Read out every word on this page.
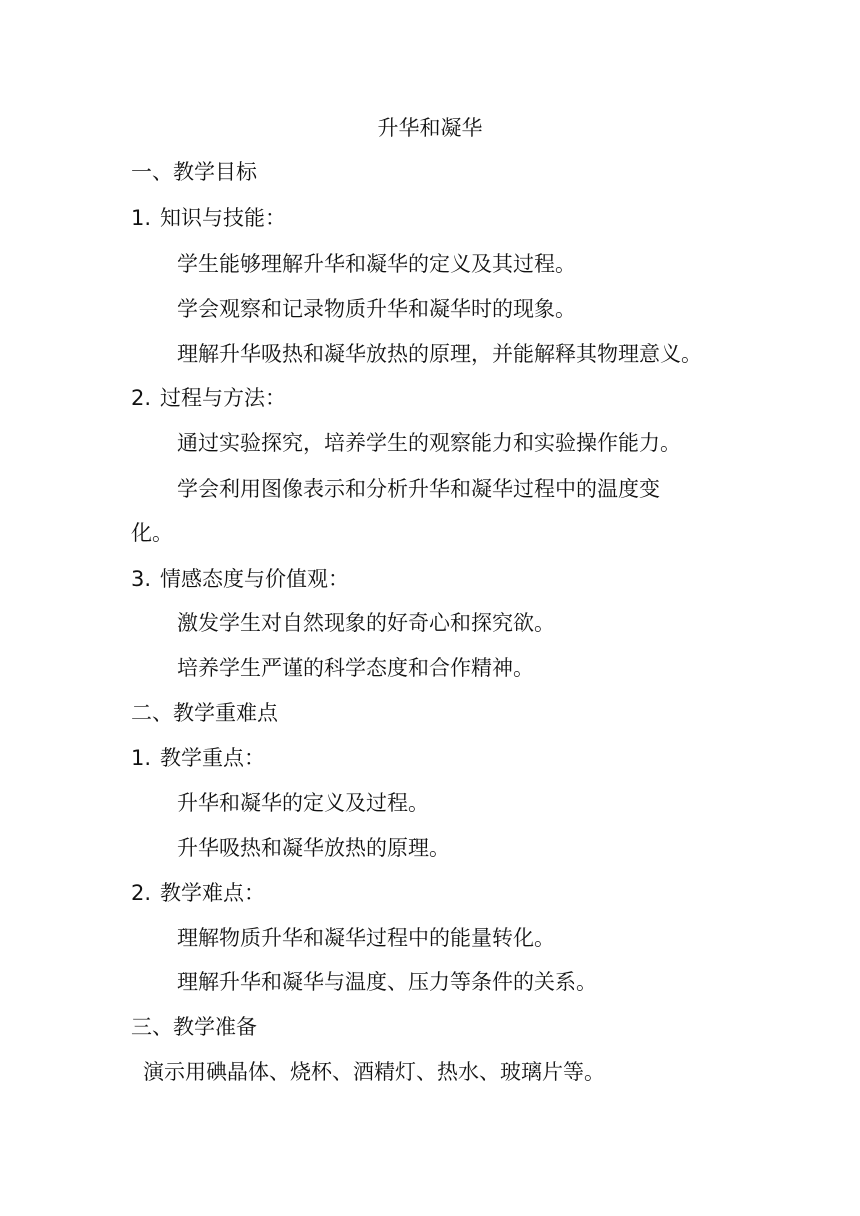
升华和凝华
一、教学目标
1. 知识与技能：
学生能够理解升华和凝华的定义及其过程。
学会观察和记录物质升华和凝华时的现象。
理解升华吸热和凝华放热的原理，并能解释其物理意义。
2. 过程与方法：
通过实验探究，培养学生的观察能力和实验操作能力。
学会利用图像表示和分析升华和凝华过程中的温度变
化。
3. 情感态度与价值观：
激发学生对自然现象的好奇心和探究欲。
培养学生严谨的科学态度和合作精神。
二、教学重难点
1. 教学重点：
升华和凝华的定义及过程。
升华吸热和凝华放热的原理。
2. 教学难点：
理解物质升华和凝华过程中的能量转化。
理解升华和凝华与温度、压力等条件的关系。
三、教学准备
演示用碘晶体、烧杯、酒精灯、热水、玻璃片等。
